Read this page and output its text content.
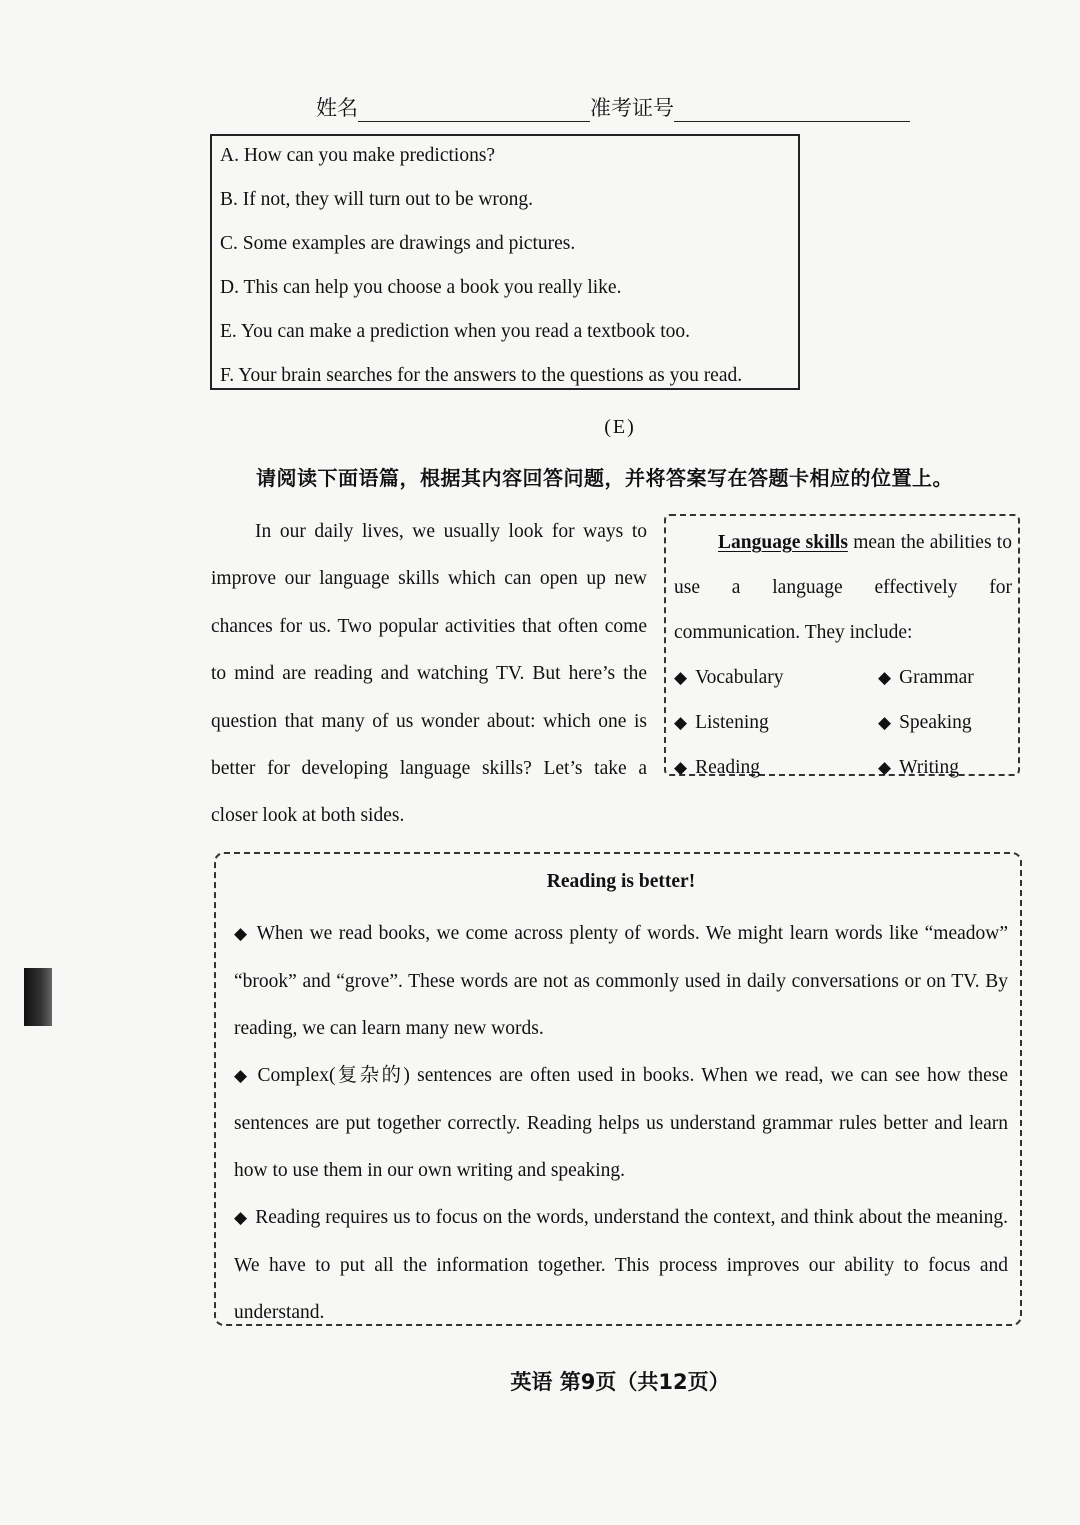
姓名	准考证号
A. How can you make predictions?
B. If not, they will turn out to be wrong.
C. Some examples are drawings and pictures.
D. This can help you choose a book you really like.
E. You can make a prediction when you read a textbook too.
F. Your brain searches for the answers to the questions as you read.
(E)
请阅读下面语篇，根据其内容回答问题，并将答案写在答题卡相应的位置上。

In our daily lives, we usually look for ways to improve our language skills which can open up new chances for us. Two popular activities that often come to mind are reading and watching TV. But here’s the question that many of us wonder about: which one is better for developing language skills? Let’s take a closer look at both sides.

Language skills mean the abilities to use a language effectively for communication. They include:
◆ Vocabulary	◆ Grammar
◆ Listening	◆ Speaking
◆ Reading	◆ Writing
Reading is better!

◆ When we read books, we come across plenty of words. We might learn words like “meadow” “brook” and “grove”. These words are not as commonly used in daily conversations or on TV. By reading, we can learn many new words.

◆ Complex(复杂的) sentences are often used in books. When we read, we can see how these sentences are put together correctly. Reading helps us understand grammar rules better and learn how to use them in our own writing and speaking.

◆ Reading requires us to focus on the words, understand the context, and think about the meaning. We have to put all the information together. This process improves our ability to focus and understand.

英语 第9页（共12页）
